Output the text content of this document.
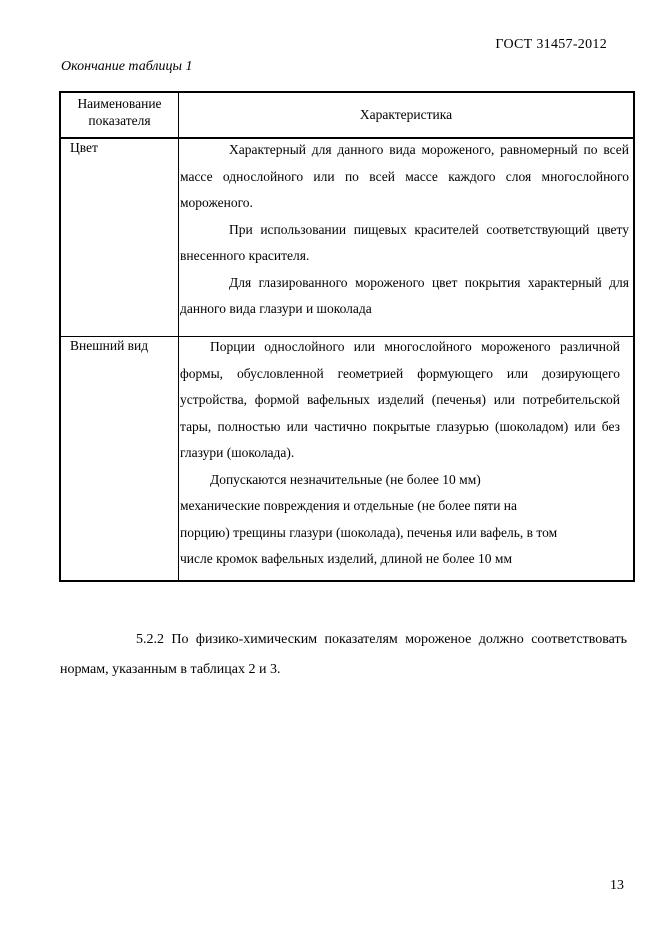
ГОСТ 31457-2012
Окончание таблицы 1
Наименование показателя	Характеристика
Цвет	Характерный для данного вида мороженого, равномерный по всей массе однослойного или по всей массе каждого слоя многослойного мороженого.

При использовании пищевых красителей соответствующий цвету внесенного красителя.

Для глазированного мороженого цвет покрытия характерный для данного вида глазури и шоколада

Внешний вид	Порции однослойного или многослойного мороженого различной формы, обусловленной геометрией формующего или дозирующего устройства, формой вафельных изделий (печенья) или потребительской тары, полностью или частично покрытые глазурью (шоколадом) или без глазури (шоколада).

Допускаются незначительные (не более 10 мм)

механические повреждения и отдельные (не более пяти на

порцию) трещины глазури (шоколада), печенья или вафель, в том

числе кромок вафельных изделий, длиной не более 10 мм

5.2.2 По физико-химическим показателям мороженое должно соответствовать нормам, указанным в таблицах 2 и 3.
13
